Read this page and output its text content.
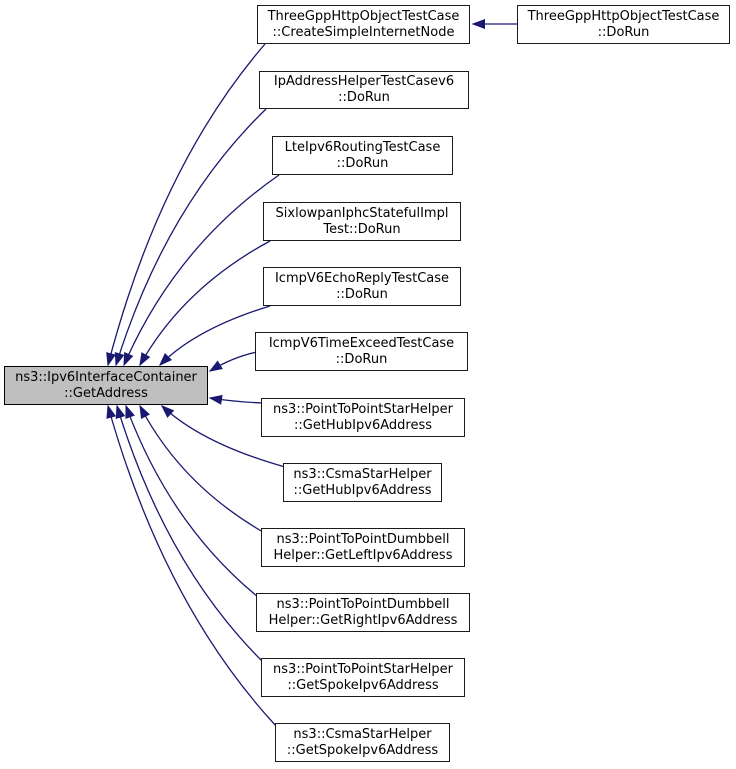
ns3::Ipv6InterfaceContainer
::GetAddress
ThreeGppHttpObjectTestCase
::CreateSimpleInternetNode
ThreeGppHttpObjectTestCase
::DoRun
IpAddressHelperTestCasev6
::DoRun
LteIpv6RoutingTestCase
::DoRun
SixlowpanIphcStatefulImpl
Test::DoRun
IcmpV6EchoReplyTestCase
::DoRun
IcmpV6TimeExceedTestCase
::DoRun
ns3::PointToPointStarHelper
::GetHubIpv6Address
ns3::CsmaStarHelper
::GetHubIpv6Address
ns3::PointToPointDumbbell
Helper::GetLeftIpv6Address
ns3::PointToPointDumbbell
Helper::GetRightIpv6Address
ns3::PointToPointStarHelper
::GetSpokeIpv6Address
ns3::CsmaStarHelper
::GetSpokeIpv6Address
